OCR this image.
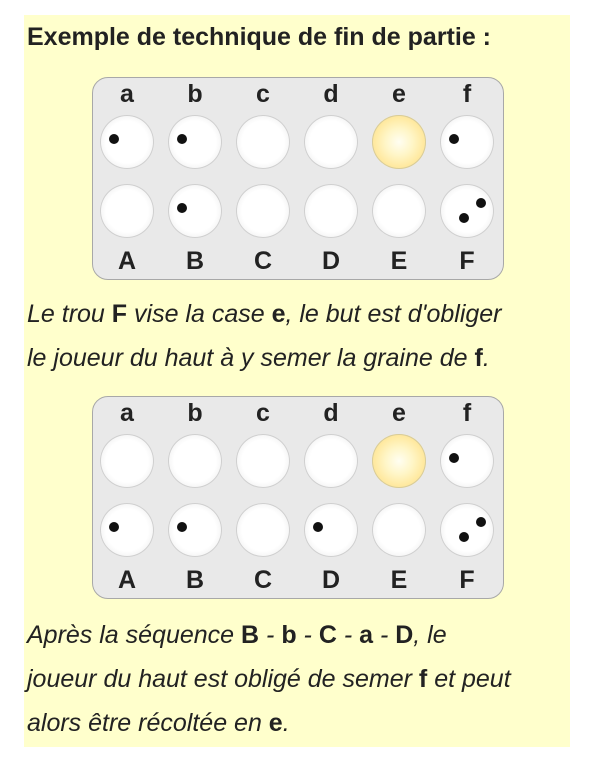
Exemple de technique de fin de partie :
a	b	c	d	e	f
A	B	C	D	E	F

Le trou F vise la case e, le but est d'obliger
le joueur du haut à y semer la graine de f.

a	b	c	d	e	f
A	B	C	D	E	F

Après la séquence B - b - C - a - D, le
joueur du haut est obligé de semer f et peut
alors être récoltée en e.
